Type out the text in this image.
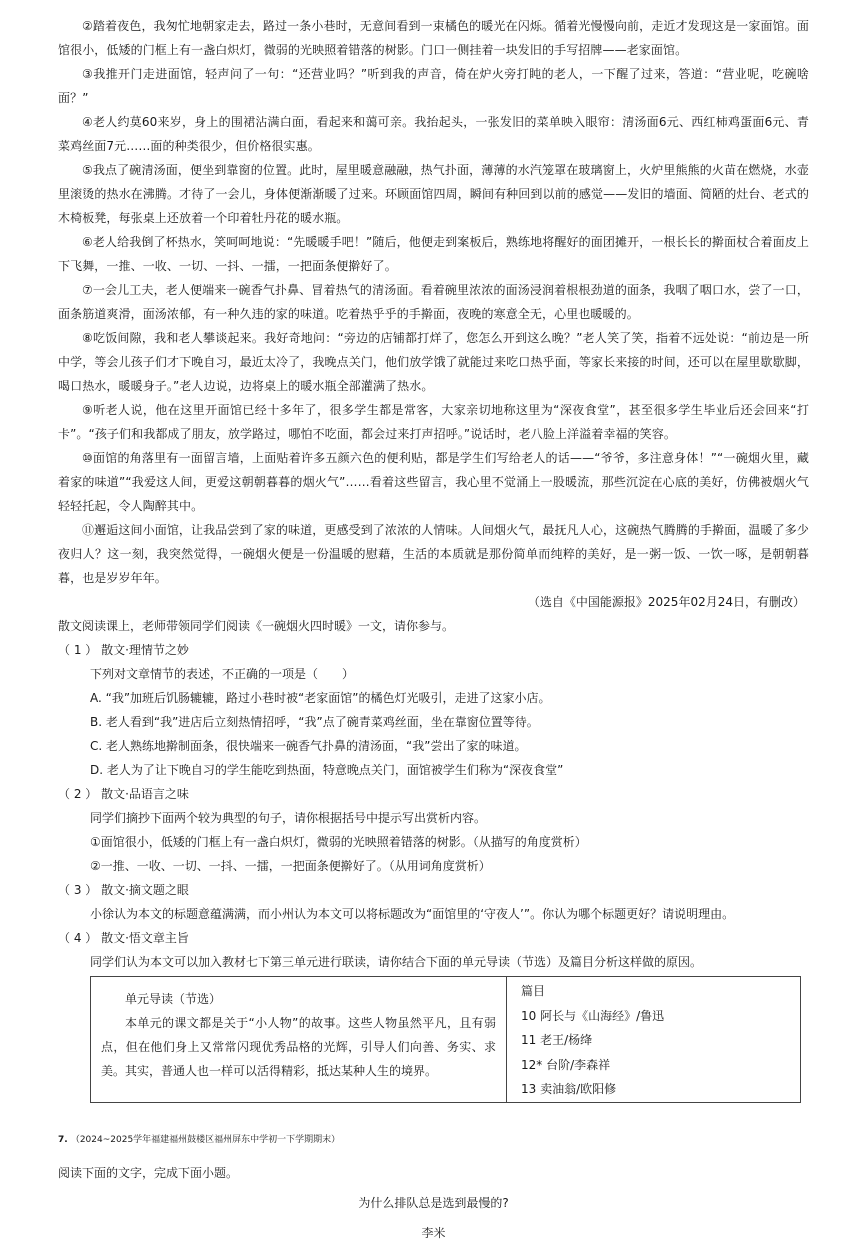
②踏着夜色，我匆忙地朝家走去，路过一条小巷时，无意间看到一束橘色的暖光在闪烁。循着光慢慢向前，走近才发现这是一家面馆。面馆很小，低矮的门框上有一盏白炽灯，微弱的光映照着错落的树影。门口一侧挂着一块发旧的手写招牌——老家面馆。

③我推开门走进面馆，轻声问了一句：“还营业吗？”听到我的声音，倚在炉火旁打盹的老人，一下醒了过来，答道：“营业呢，吃碗啥面？”

④老人约莫60来岁，身上的围裙沾满白面，看起来和蔼可亲。我抬起头，一张发旧的菜单映入眼帘：清汤面6元、西红柿鸡蛋面6元、青菜鸡丝面7元……面的种类很少，但价格很实惠。

⑤我点了碗清汤面，便坐到靠窗的位置。此时，屋里暖意融融，热气扑面，薄薄的水汽笼罩在玻璃窗上，火炉里熊熊的火苗在燃烧，水壶里滚烫的热水在沸腾。才待了一会儿，身体便渐渐暖了过来。环顾面馆四周，瞬间有种回到以前的感觉——发旧的墙面、简陋的灶台、老式的木椅板凳，每张桌上还放着一个印着牡丹花的暖水瓶。

⑥老人给我倒了杯热水，笑呵呵地说：“先暖暖手吧！”随后，他便走到案板后，熟练地将醒好的面团摊开，一根长长的擀面杖合着面皮上下飞舞，一推、一收、一切、一抖、一擂，一把面条便擀好了。

⑦一会儿工夫，老人便端来一碗香气扑鼻、冒着热气的清汤面。看着碗里浓浓的面汤浸润着根根劲道的面条，我咽了咽口水，尝了一口，面条筋道爽滑，面汤浓郁，有一种久违的家的味道。吃着热乎乎的手擀面，夜晚的寒意全无，心里也暖暖的。

⑧吃饭间隙，我和老人攀谈起来。我好奇地问：“旁边的店铺都打烊了，您怎么开到这么晚？”老人笑了笑，指着不远处说：“前边是一所中学，等会儿孩子们才下晚自习，最近太冷了，我晚点关门，他们放学饿了就能过来吃口热乎面，等家长来接的时间，还可以在屋里歇歇脚，喝口热水，暖暖身子。”老人边说，边将桌上的暖水瓶全部灌满了热水。

⑨听老人说，他在这里开面馆已经十多年了，很多学生都是常客，大家亲切地称这里为“深夜食堂”，甚至很多学生毕业后还会回来“打卡”。“孩子们和我都成了朋友，放学路过，哪怕不吃面，都会过来打声招呼。”说话时，老八脸上洋溢着幸福的笑容。

⑩面馆的角落里有一面留言墙，上面贴着许多五颜六色的便利贴，都是学生们写给老人的话——“爷爷，多注意身体！”“一碗烟火里，藏着家的味道”“我爱这人间，更爱这朝朝暮暮的烟火气”……看着这些留言，我心里不觉涌上一股暖流，那些沉淀在心底的美好，仿佛被烟火气轻轻托起，令人陶醉其中。

⑪邂逅这间小面馆，让我品尝到了家的味道，更感受到了浓浓的人情味。人间烟火气，最抚凡人心，这碗热气腾腾的手擀面，温暖了多少夜归人？这一刻，我突然觉得，一碗烟火便是一份温暖的慰藉，生活的本质就是那份简单而纯粹的美好，是一粥一饭、一饮一啄，是朝朝暮暮，也是岁岁年年。

（选自《中国能源报》2025年02月24日，有删改）

散文阅读课上，老师带领同学们阅读《一碗烟火四时暖》一文，请你参与。

（ 1 ） 散文·理情节之妙

下列对文章情节的表述，不正确的一项是（　　）

A. “我”加班后饥肠辘辘，路过小巷时被“老家面馆”的橘色灯光吸引，走进了这家小店。

B. 老人看到“我”进店后立刻热情招呼，“我”点了碗青菜鸡丝面，坐在靠窗位置等待。

C. 老人熟练地擀制面条，很快端来一碗香气扑鼻的清汤面，“我”尝出了家的味道。

D. 老人为了让下晚自习的学生能吃到热面，特意晚点关门，面馆被学生们称为“深夜食堂”

（ 2 ） 散文·品语言之味

同学们摘抄下面两个较为典型的句子，请你根据括号中提示写出赏析内容。

①面馆很小，低矮的门框上有一盏白炽灯，微弱的光映照着错落的树影。（从描写的角度赏析）

②一推、一收、一切、一抖、一擂，一把面条便擀好了。（从用词角度赏析）

（ 3 ） 散文·摘文题之眼

小徐认为本文的标题意蕴满满，而小州认为本文可以将标题改为“面馆里的‘守夜人’”。你认为哪个标题更好？请说明理由。

（ 4 ） 散文·悟文章主旨

同学们认为本文可以加入教材七下第三单元进行联读，请你结合下面的单元导读（节选）及篇目分析这样做的原因。

单元导读（节选）

本单元的课文都是关于“小人物”的故事。这些人物虽然平凡，且有弱点，但在他们身上又常常闪现优秀品格的光辉，引导人们向善、务实、求美。其实，普通人也一样可以活得精彩，抵达某种人生的境界。

篇目

10 阿长与《山海经》/鲁迅

11 老王/杨绛

12* 台阶/李森祥

13 卖油翁/欧阳修

7. （2024~2025学年福建福州鼓楼区福州屏东中学初一下学期期末）

阅读下面的文字，完成下面小题。

为什么排队总是选到最慢的?

李米
